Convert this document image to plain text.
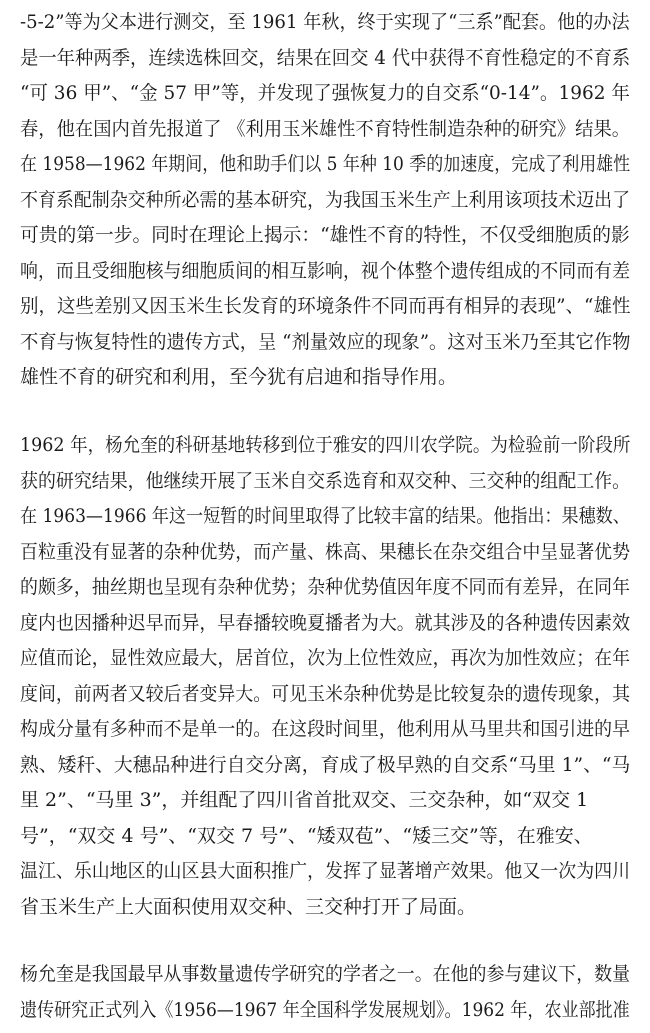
-5-2”等为父本进行测交，至 1961 年秋，终于实现了“三系”配套。他的办法
是一年种两季，连续选株回交，结果在回交 4 代中获得不育性稳定的不育系
“可 36 甲”、“金 57 甲”等，并发现了强恢复力的自交系“0-14”。1962 年
春，他在国内首先报道了 《利用玉米雄性不育特性制造杂种的研究》结果。
在 1958—1962 年期间，他和助手们以 5 年种 10 季的加速度，完成了利用雄性
不育系配制杂交种所必需的基本研究，为我国玉米生产上利用该项技术迈出了
可贵的第一步。同时在理论上揭示：“雄性不育的特性，不仅受细胞质的影
响，而且受细胞核与细胞质间的相互影响，视个体整个遗传组成的不同而有差
别，这些差别又因玉米生长发育的环境条件不同而再有相异的表现”、“雄性
不育与恢复特性的遗传方式，呈 “剂量效应的现象”。这对玉米乃至其它作物
雄性不育的研究和利用，至今犹有启迪和指导作用。
1962 年，杨允奎的科研基地转移到位于雅安的四川农学院。为检验前一阶段所
获的研究结果，他继续开展了玉米自交系选育和双交种、三交种的组配工作。
在 1963—1966 年这一短暂的时间里取得了比较丰富的结果。他指出：果穗数、
百粒重没有显著的杂种优势，而产量、株高、果穗长在杂交组合中呈显著优势
的颇多，抽丝期也呈现有杂种优势；杂种优势值因年度不同而有差异，在同年
度内也因播种迟早而异，早春播较晚夏播者为大。就其涉及的各种遗传因素效
应值而论，显性效应最大，居首位，次为上位性效应，再次为加性效应；在年
度间，前两者又较后者变异大。可见玉米杂种优势是比较复杂的遗传现象，其
构成分量有多种而不是单一的。在这段时间里，他利用从马里共和国引进的早
熟、矮秆、大穗品种进行自交分离，育成了极早熟的自交系“马里 1”、“马
里 2”、“马里 3”，并组配了四川省首批双交、三交杂种，如“双交 1
号”，“双交 4 号”、“双交 7 号”、“矮双苞”、“矮三交”等，在雅安、
温江、乐山地区的山区县大面积推广，发挥了显著增产效果。他又一次为四川
省玉米生产上大面积使用双交种、三交种打开了局面。
杨允奎是我国最早从事数量遗传学研究的学者之一。在他的参与建议下，数量
遗传研究正式列入《1956—1967 年全国科学发展规划》。1962 年，农业部批准
